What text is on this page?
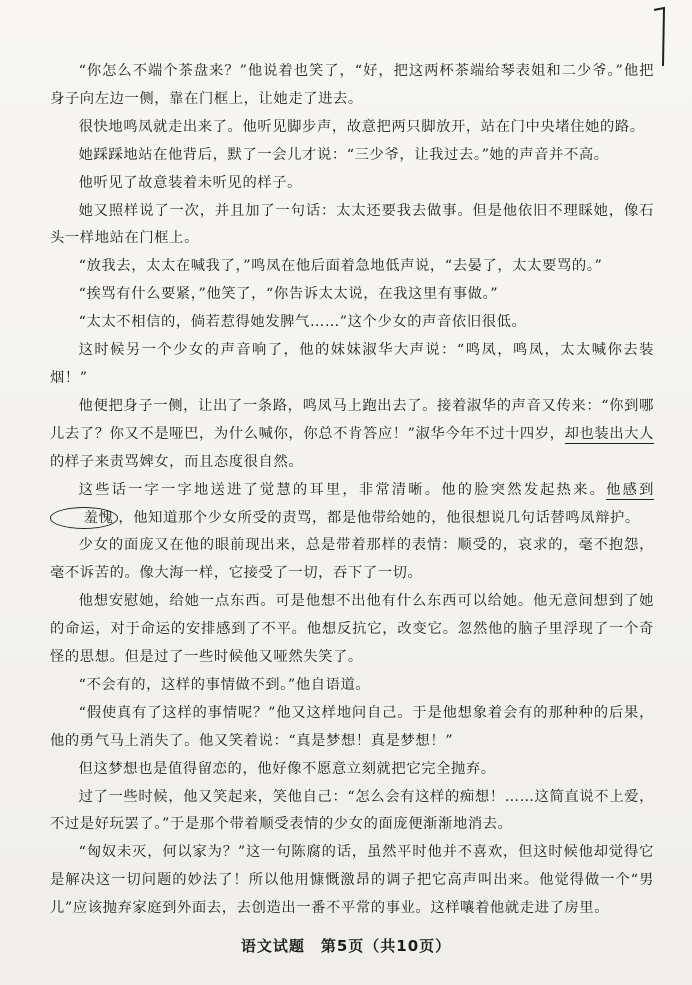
“你怎么不端个茶盘来？”他说着也笑了，“好，把这两杯茶端给琴表姐和二少爷。”他把身子向左边一侧，靠在门框上，让她走了进去。

很快地鸣凤就走出来了。他听见脚步声，故意把两只脚放开，站在门中央堵住她的路。

她踩踩地站在他背后，默了一会儿才说：“三少爷，让我过去。”她的声音并不高。

他听见了故意装着未听见的样子。

她又照样说了一次，并且加了一句话：太太还要我去做事。但是他依旧不理睬她，像石头一样地站在门框上。

“放我去，太太在喊我了，”鸣凤在他后面着急地低声说，“去晏了，太太要骂的。”

“挨骂有什么要紧，”他笑了，“你告诉太太说，在我这里有事做。”

“太太不相信的，倘若惹得她发脾气……”这个少女的声音依旧很低。

这时候另一个少女的声音响了，他的妹妹淑华大声说：“鸣凤，鸣凤，太太喊你去装烟！”

他便把身子一侧，让出了一条路，鸣凤马上跑出去了。接着淑华的声音又传来：“你到哪儿去了？你又不是哑巴，为什么喊你，你总不肯答应！”淑华今年不过十四岁，却也装出大人的样子来责骂婢女，而且态度很自然。

这些话一字一字地送进了觉慧的耳里，非常清晰。他的脸突然发起热来。他感到羞愧 ，他知道那个少女所受的责骂，都是他带给她的，他很想说几句话替鸣凤辩护。

少女的面庞又在他的眼前现出来，总是带着那样的表情：顺受的，哀求的，毫不抱怨，毫不诉苦的。像大海一样，它接受了一切，吞下了一切。

他想安慰她，给她一点东西。可是他想不出他有什么东西可以给她。他无意间想到了她的命运，对于命运的安排感到了不平。他想反抗它，改变它。忽然他的脑子里浮现了一个奇怪的思想。但是过了一些时候他又哑然失笑了。

“不会有的，这样的事情做不到。”他自语道。

“假使真有了这样的事情呢？”他又这样地问自己。于是他想象着会有的那种种的后果，他的勇气马上消失了。他又笑着说：“真是梦想！真是梦想！”

但这梦想也是值得留恋的，他好像不愿意立刻就把它完全抛弃。

过了一些时候，他又笑起来，笑他自己：“怎么会有这样的痴想！……这简直说不上爱，不过是好玩罢了。”于是那个带着顺受表情的少女的面庞便渐渐地消去。

“匈奴未灭，何以家为？”这一句陈腐的话，虽然平时他并不喜欢，但这时候他却觉得它是解决这一切问题的妙法了！所以他用慷慨激昂的调子把它高声叫出来。他觉得做一个“男儿”应该抛弃家庭到外面去，去创造出一番不平常的事业。这样嚷着他就走进了房里。

语文试题　第5页（共10页）
